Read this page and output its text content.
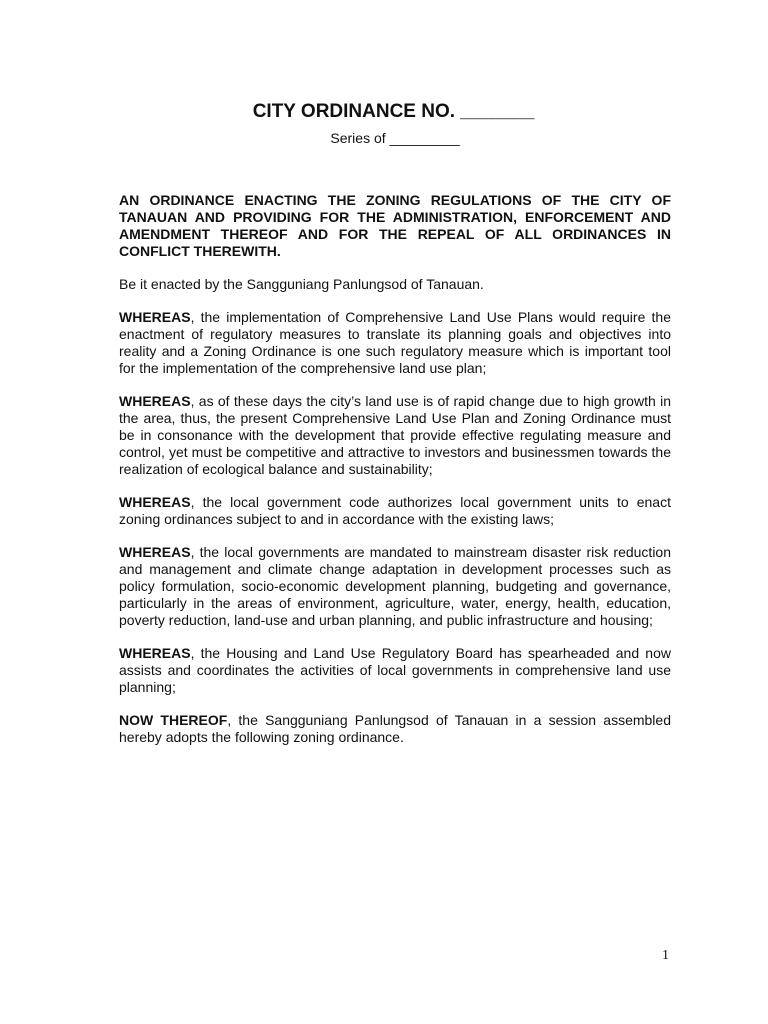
CITY ORDINANCE NO. _______
Series of _________

AN ORDINANCE ENACTING THE ZONING REGULATIONS OF THE CITY OF TANAUAN AND PROVIDING FOR THE ADMINISTRATION, ENFORCEMENT AND AMENDMENT THEREOF AND FOR THE REPEAL OF ALL ORDINANCES IN CONFLICT THEREWITH.

Be it enacted by the Sangguniang Panlungsod of Tanauan.

WHEREAS, the implementation of Comprehensive Land Use Plans would require the enactment of regulatory measures to translate its planning goals and objectives into reality and a Zoning Ordinance is one such regulatory measure which is important tool for the implementation of the comprehensive land use plan;

WHEREAS, as of these days the city’s land use is of rapid change due to high growth in the area, thus, the present Comprehensive Land Use Plan and Zoning Ordinance must be in consonance with the development that provide effective regulating measure and control, yet must be competitive and attractive to investors and businessmen towards the realization of ecological balance and sustainability;

WHEREAS, the local government code authorizes local government units to enact zoning ordinances subject to and in accordance with the existing laws;

WHEREAS, the local governments are mandated to mainstream disaster risk reduction and management and climate change adaptation in development processes such as policy formulation, socio-economic development planning, budgeting and governance, particularly in the areas of environment, agriculture, water, energy, health, education, poverty reduction, land-use and urban planning, and public infrastructure and housing;

WHEREAS, the Housing and Land Use Regulatory Board has spearheaded and now assists and coordinates the activities of local governments in comprehensive land use planning;

NOW THEREOF, the Sangguniang Panlungsod of Tanauan in a session assembled hereby adopts the following zoning ordinance.

1
